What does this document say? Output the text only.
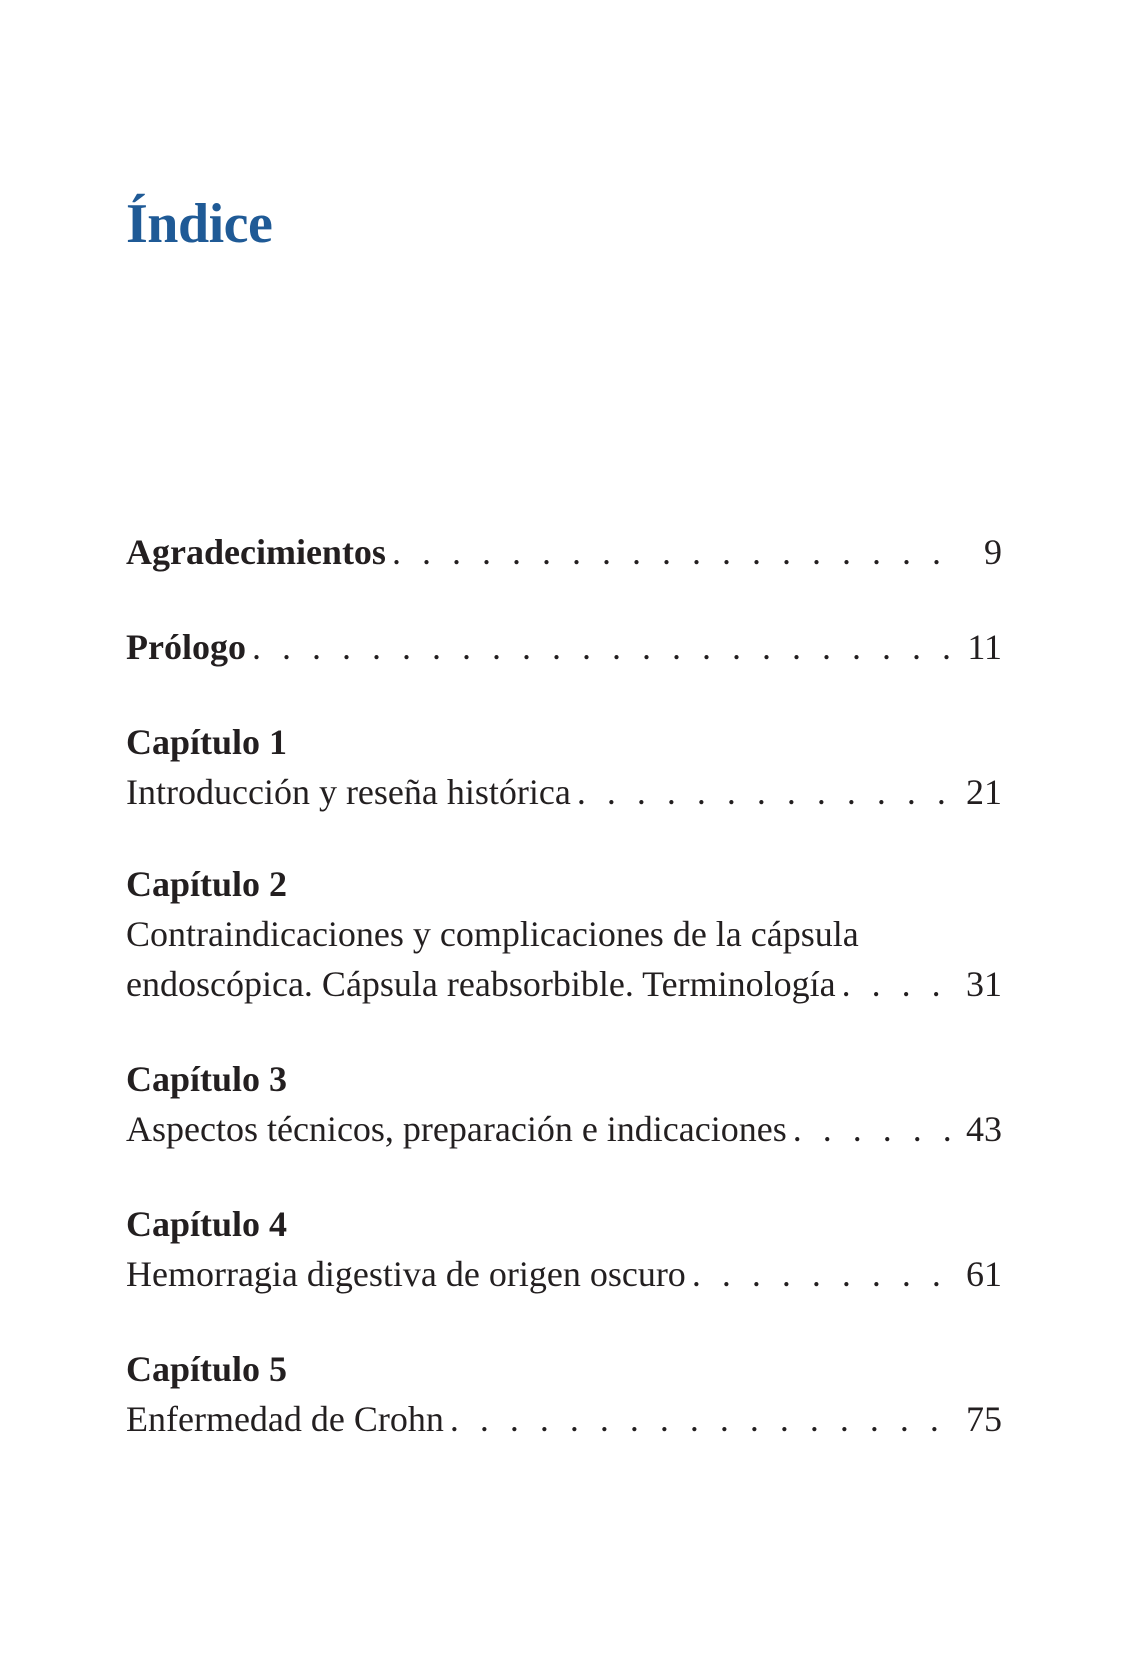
Índice
Agradecimientos . . .	9
Prólogo . . .	11
Capítulo 1
Introducción y reseña histórica . . .	21
Capítulo 2
Contraindicaciones y complicaciones de la cápsula
endoscópica. Cápsula reabsorbible. Terminología . . .	31
Capítulo 3
Aspectos técnicos, preparación e indicaciones . . .	43
Capítulo 4
Hemorragia digestiva de origen oscuro . . .	61
Capítulo 5
Enfermedad de Crohn . . .	75
